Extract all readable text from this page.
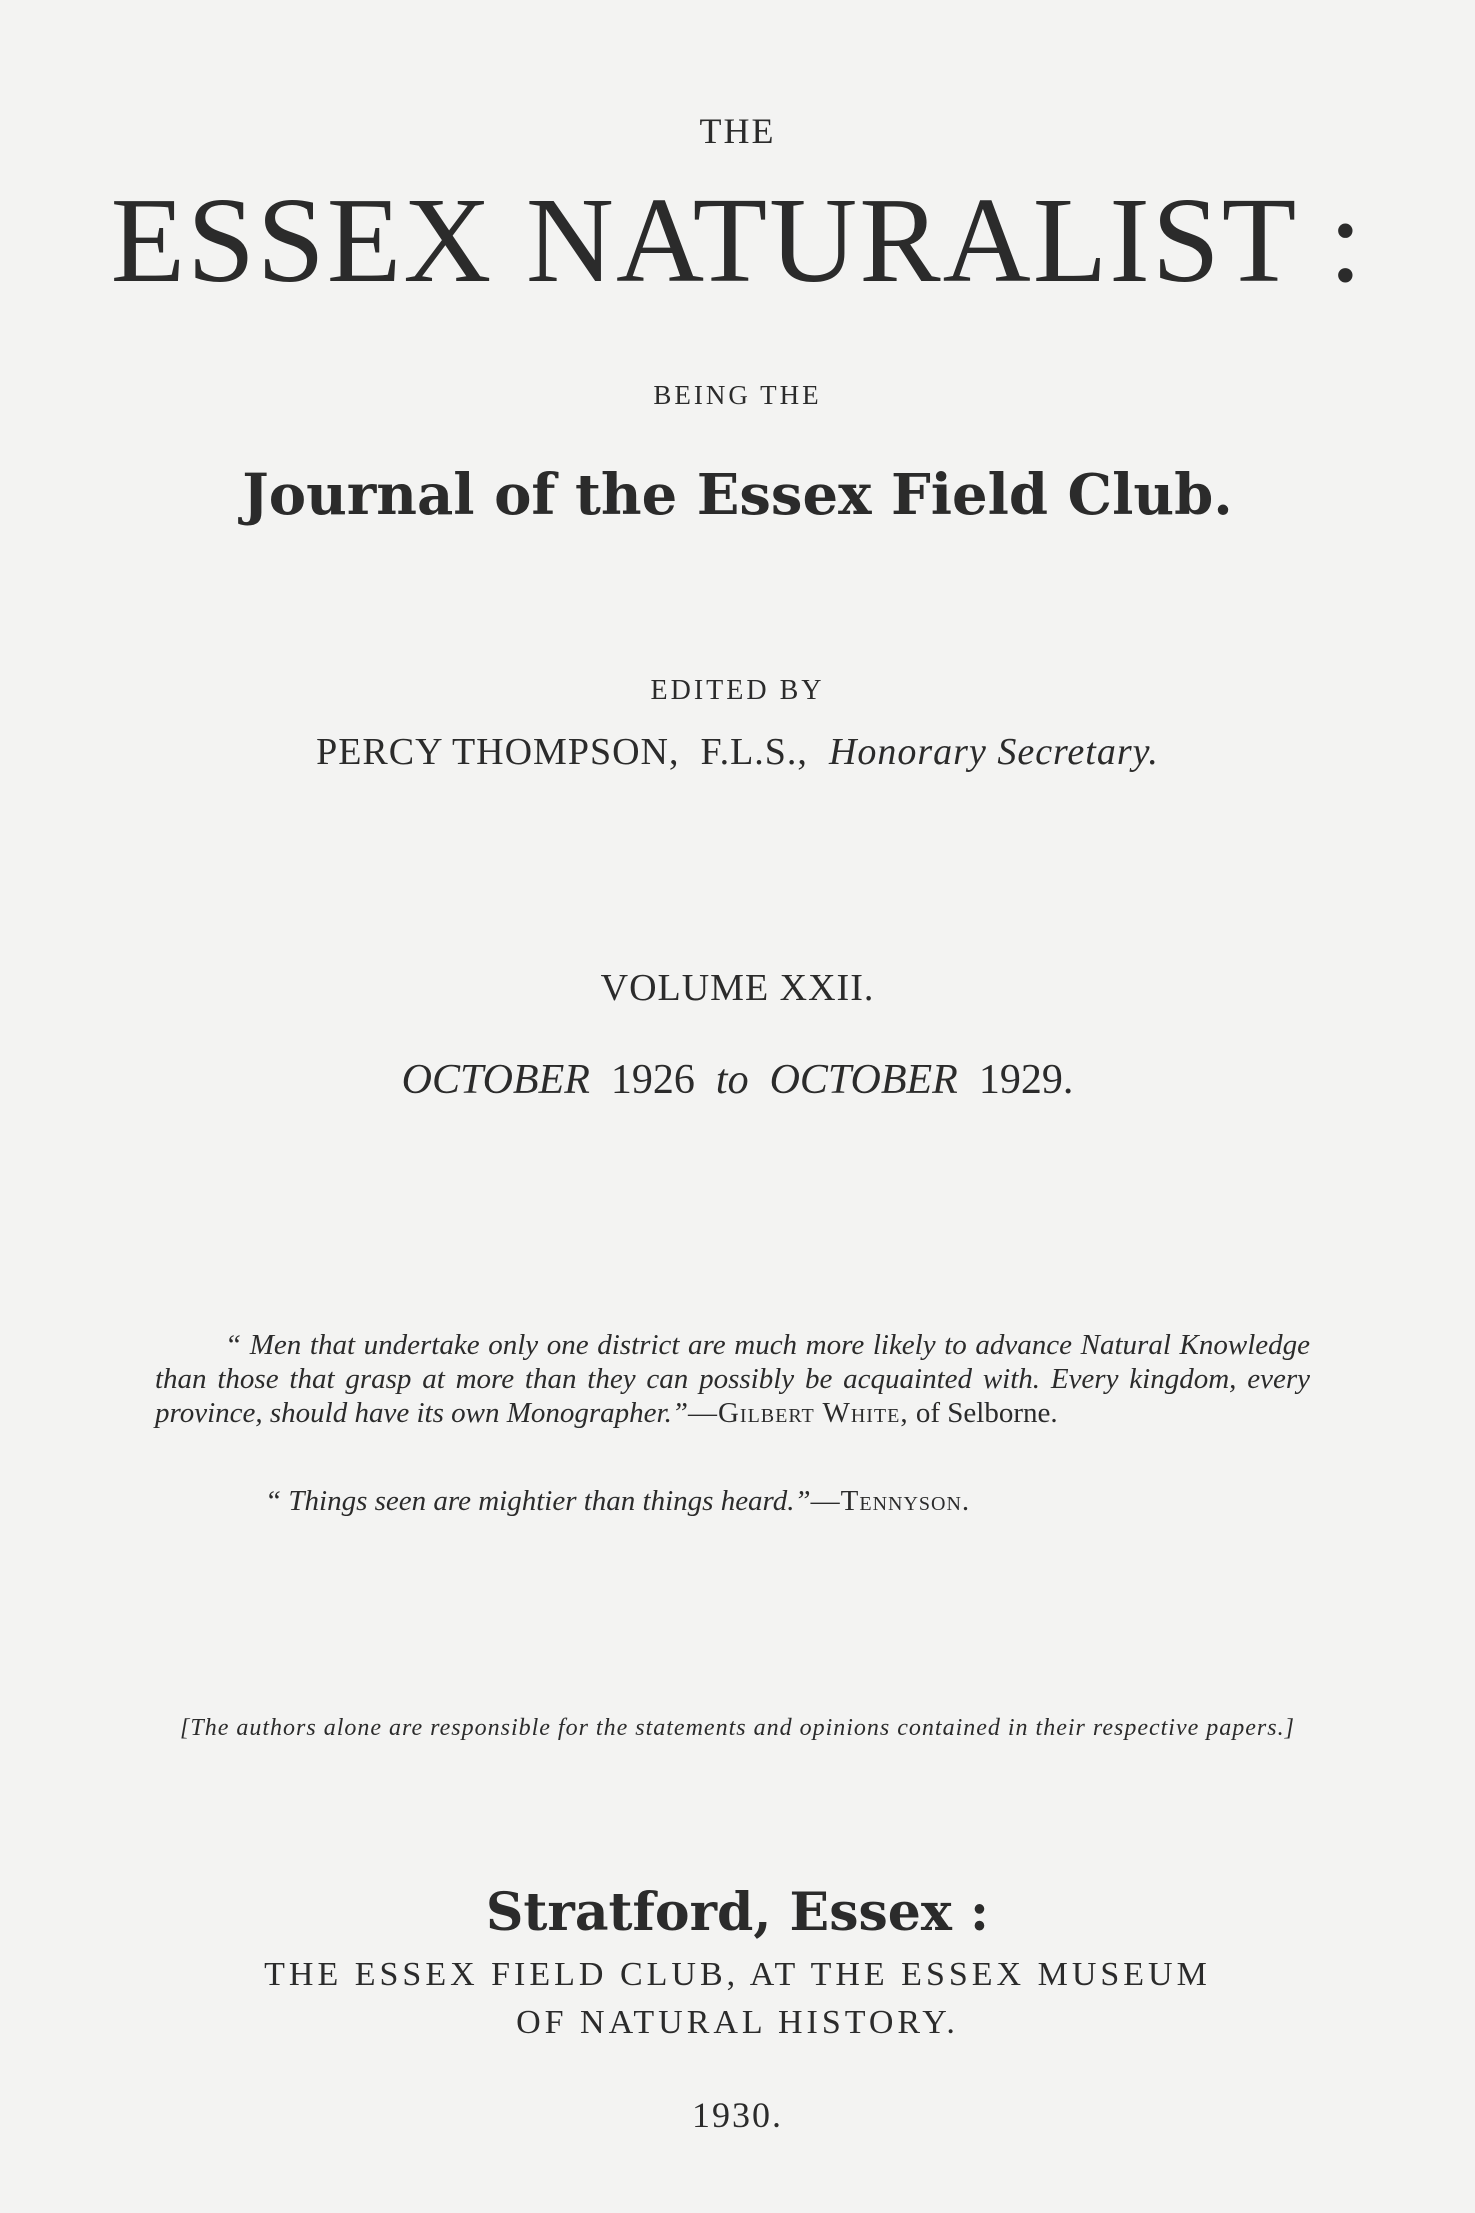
THE
ESSEX NATURALIST :
BEING THE
Journal of the Essex Field Club.
EDITED BY
PERCY THOMPSON, F.L.S., Honorary Secretary.
VOLUME XXII.
OCTOBER 1926 to OCTOBER 1929.
“ Men that undertake only one district are much more likely to advance Natural Knowledge than those that grasp at more than they can possibly be acquainted with. Every kingdom, every province, should have its own Monographer.”—Gilbert White, of Selborne.
“ Things seen are mightier than things heard.”—Tennyson.
[The authors alone are responsible for the statements and opinions contained in their respective papers.]
Stratford, Essex :
THE ESSEX FIELD CLUB, AT THE ESSEX MUSEUM
OF NATURAL HISTORY.
1930.
